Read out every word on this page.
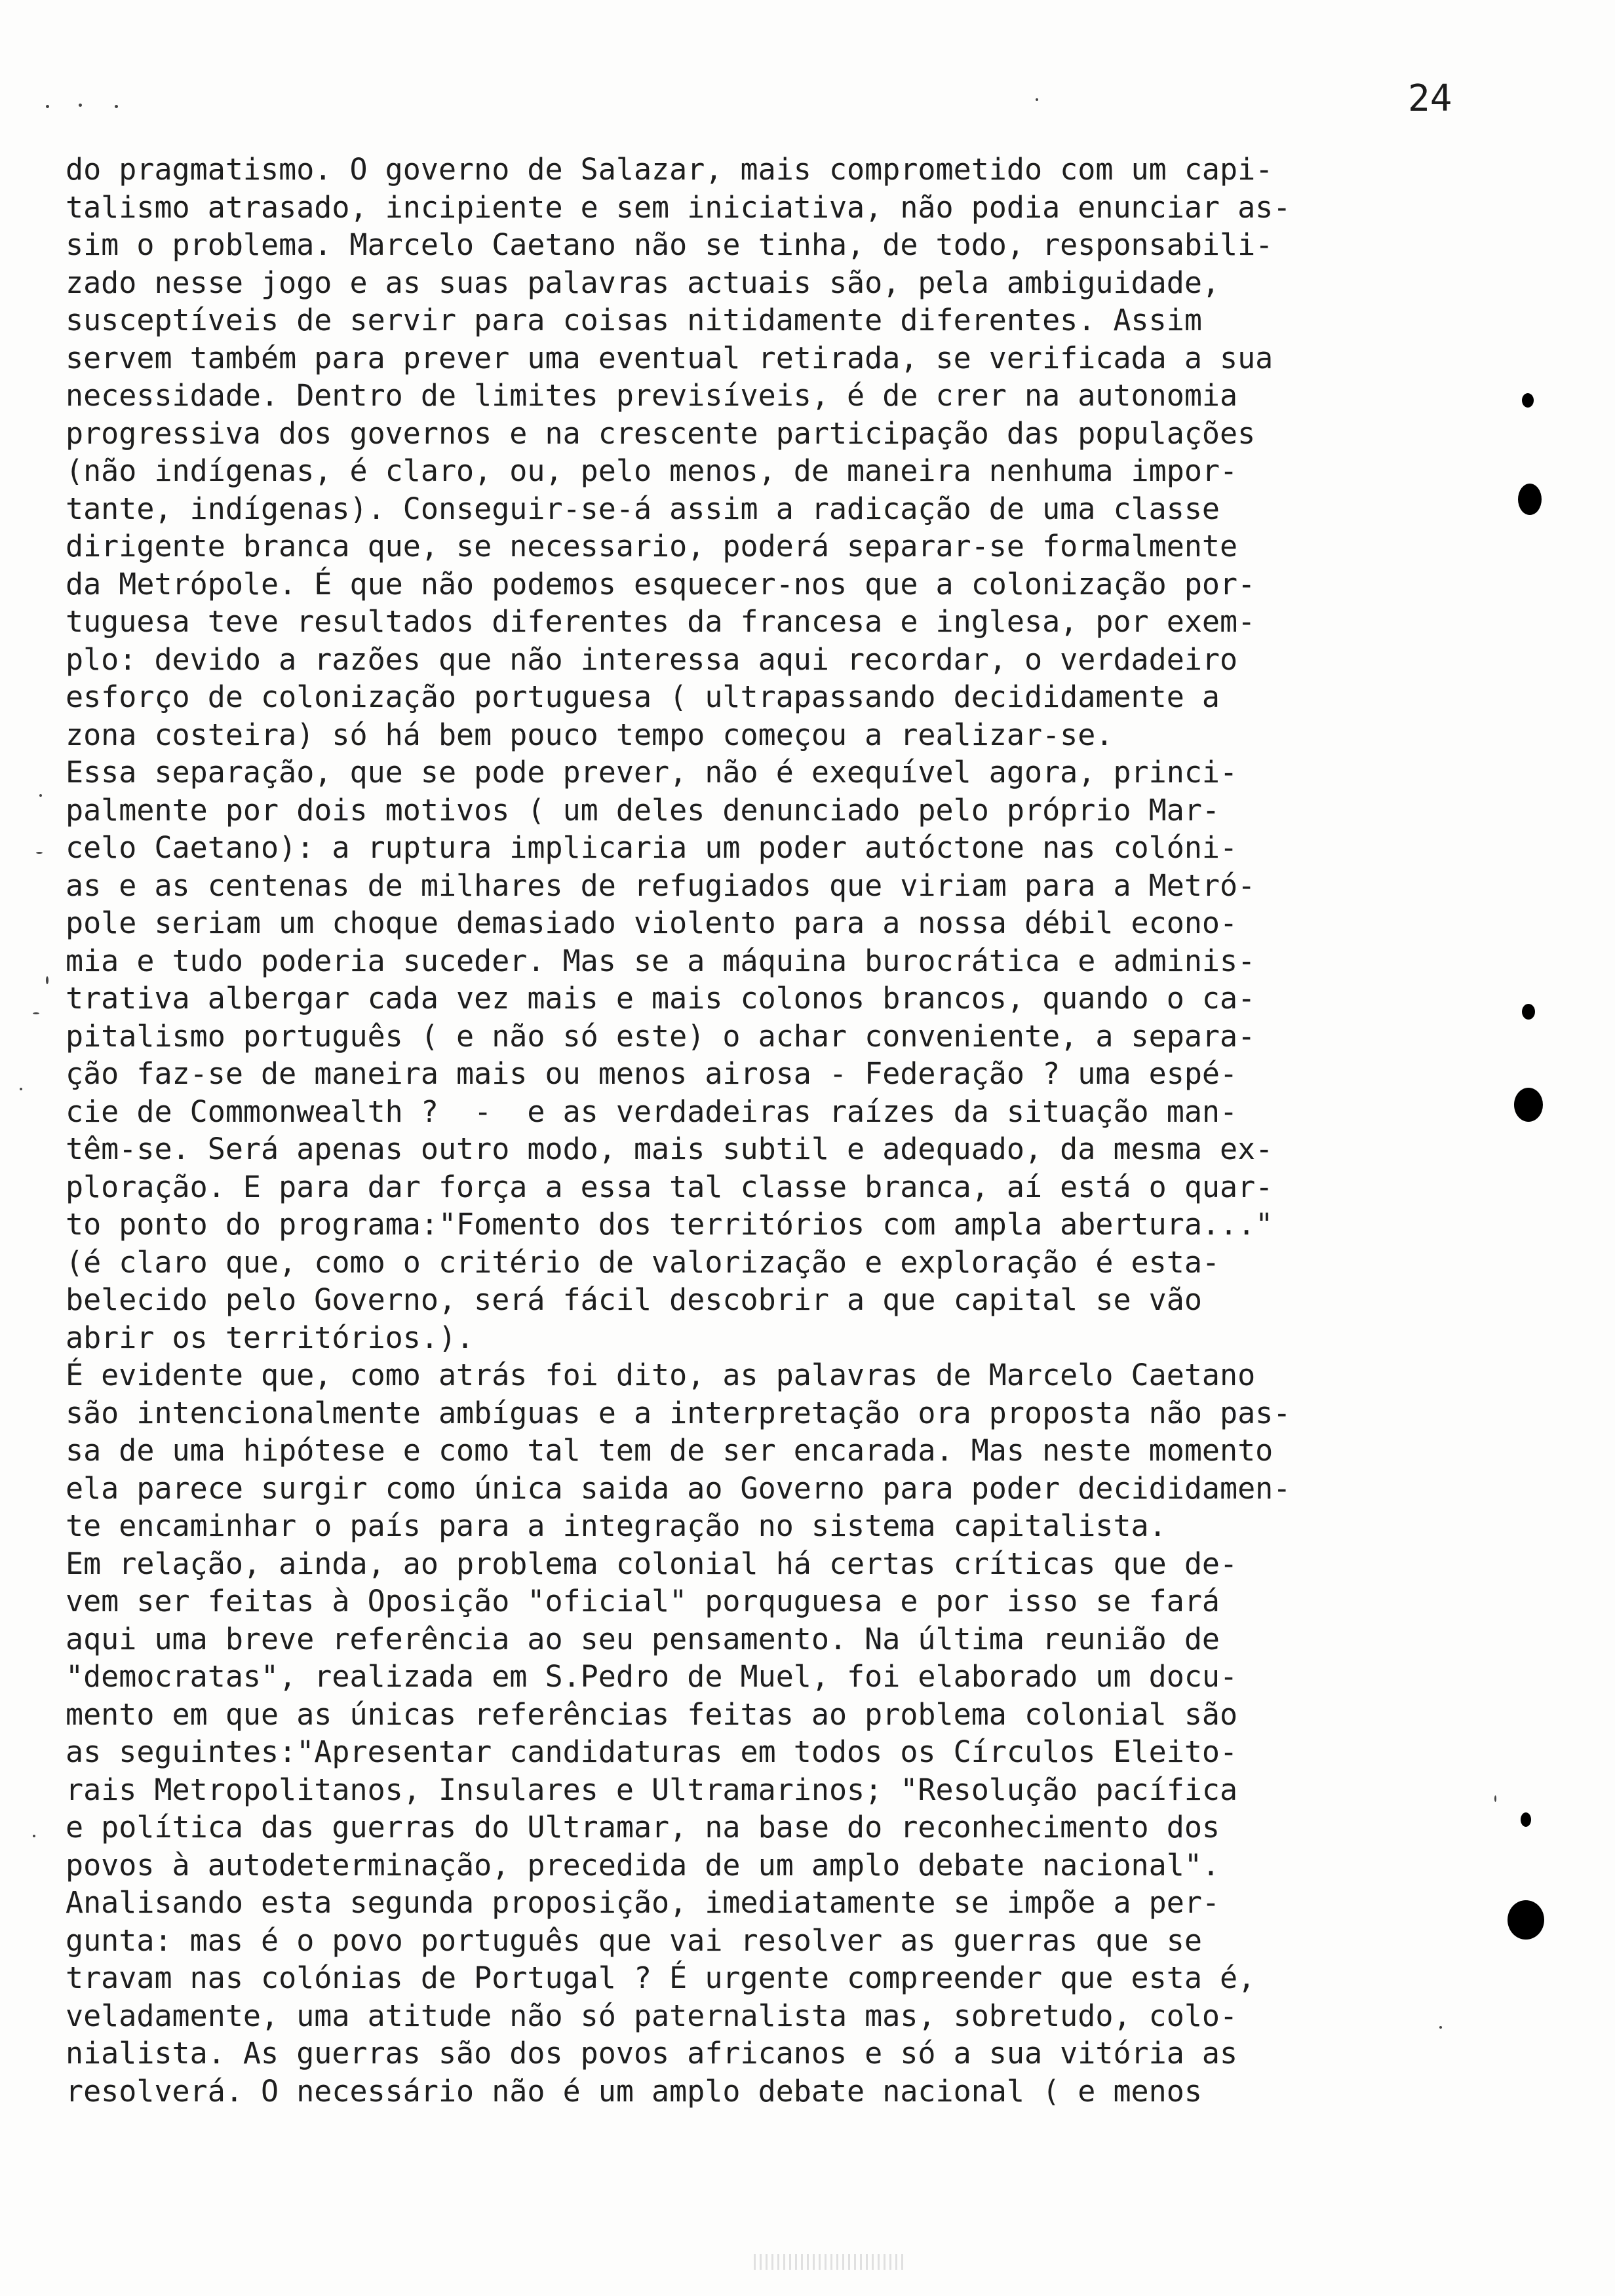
24
do pragmatismo. O governo de Salazar, mais comprometido com um capi-
talismo atrasado, incipiente e sem iniciativa, não podia enunciar as-
sim o problema. Marcelo Caetano não se tinha, de todo, responsabili-
zado nesse jogo e as suas palavras actuais são, pela ambiguidade,
susceptíveis de servir para coisas nitidamente diferentes. Assim
servem também para prever uma eventual retirada, se verificada a sua
necessidade. Dentro de limites previsíveis, é de crer na autonomia
progressiva dos governos e na crescente participação das populações
(não indígenas, é claro, ou, pelo menos, de maneira nenhuma impor-
tante, indígenas). Conseguir-se-á assim a radicação de uma classe
dirigente branca que, se necessario, poderá separar-se formalmente
da Metrópole. É que não podemos esquecer-nos que a colonização por-
tuguesa teve resultados diferentes da francesa e inglesa, por exem-
plo: devido a razões que não interessa aqui recordar, o verdadeiro
esforço de colonização portuguesa ( ultrapassando decididamente a
zona costeira) só há bem pouco tempo começou a realizar-se.
Essa separação, que se pode prever, não é exequível agora, princi-
palmente por dois motivos ( um deles denunciado pelo próprio Mar-
celo Caetano): a ruptura implicaria um poder autóctone nas colóni-
as e as centenas de milhares de refugiados que viriam para a Metró-
pole seriam um choque demasiado violento para a nossa débil econo-
mia e tudo poderia suceder. Mas se a máquina burocrática e adminis-
trativa albergar cada vez mais e mais colonos brancos, quando o ca-
pitalismo português ( e não só este) o achar conveniente, a separa-
ção faz-se de maneira mais ou menos airosa - Federação ? uma espé-
cie de Commonwealth ?  -  e as verdadeiras raízes da situação man-
têm-se. Será apenas outro modo, mais subtil e adequado, da mesma ex-
ploração. E para dar força a essa tal classe branca, aí está o quar-
to ponto do programa:"Fomento dos territórios com ampla abertura..."
(é claro que, como o critério de valorização e exploração é esta-
belecido pelo Governo, será fácil descobrir a que capital se vão
abrir os territórios.).
É evidente que, como atrás foi dito, as palavras de Marcelo Caetano
são intencionalmente ambíguas e a interpretação ora proposta não pas-
sa de uma hipótese e como tal tem de ser encarada. Mas neste momento
ela parece surgir como única saida ao Governo para poder decididamen-
te encaminhar o país para a integração no sistema capitalista.
Em relação, ainda, ao problema colonial há certas críticas que de-
vem ser feitas à Oposição "oficial" porquguesa e por isso se fará
aqui uma breve referência ao seu pensamento. Na última reunião de
"democratas", realizada em S.Pedro de Muel, foi elaborado um docu-
mento em que as únicas referências feitas ao problema colonial são
as seguintes:"Apresentar candidaturas em todos os Círculos Eleito-
rais Metropolitanos, Insulares e Ultramarinos; "Resolução pacífica
e política das guerras do Ultramar, na base do reconhecimento dos
povos à autodeterminação, precedida de um amplo debate nacional".
Analisando esta segunda proposição, imediatamente se impõe a per-
gunta: mas é o povo português que vai resolver as guerras que se
travam nas colónias de Portugal ? É urgente compreender que esta é,
veladamente, uma atitude não só paternalista mas, sobretudo, colo-
nialista. As guerras são dos povos africanos e só a sua vitória as
resolverá. O necessário não é um amplo debate nacional ( e menos
